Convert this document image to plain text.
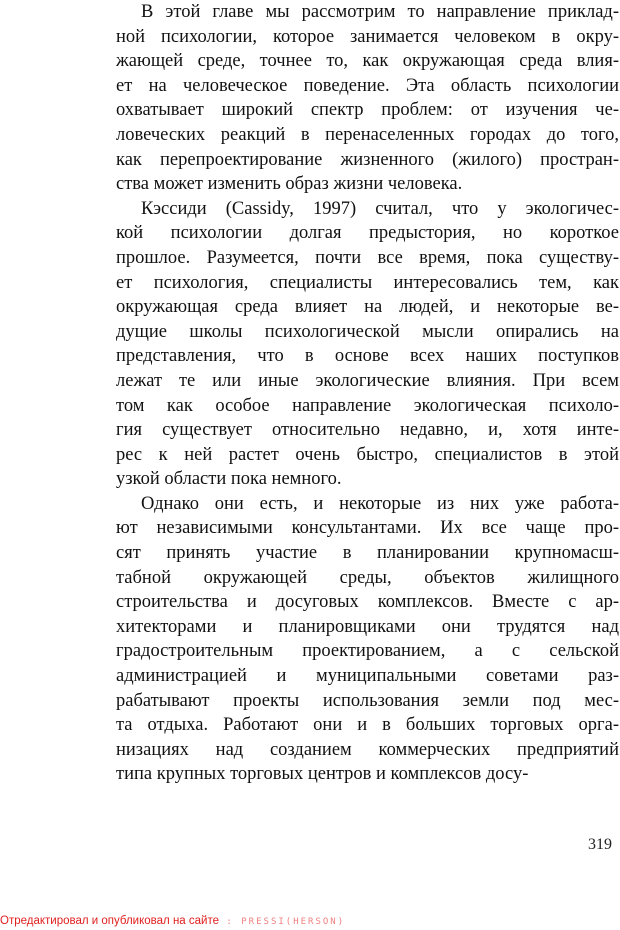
В этой главе мы рассмотрим то направление приклад-
ной психологии, которое занимается человеком в окру-
жающей среде, точнее то, как окружающая среда влия-
ет на человеческое поведение. Эта область психологии
охватывает широкий спектр проблем: от изучения че-
ловеческих реакций в перенаселенных городах до того,
как перепроектирование жизненного (жилого) простран-
ства может изменить образ жизни человека.
Кэссиди (Cassidy, 1997) считал, что у экологичес-
кой психологии долгая предыстория, но короткое
прошлое. Разумеется, почти все время, пока существу-
ет психология, специалисты интересовались тем, как
окружающая среда влияет на людей, и некоторые ве-
дущие школы психологической мысли опирались на
представления, что в основе всех наших поступков
лежат те или иные экологические влияния. При всем
том как особое направление экологическая психоло-
гия существует относительно недавно, и, хотя инте-
рес к ней растет очень быстро, специалистов в этой
узкой области пока немного.
Однако они есть, и некоторые из них уже работа-
ют независимыми консультантами. Их все чаще про-
сят принять участие в планировании крупномасш-
табной окружающей среды, объектов жилищного
строительства и досуговых комплексов. Вместе с ар-
хитекторами и планировщиками они трудятся над
градостроительным проектированием, а с сельской
администрацией и муниципальными советами раз-
рабатывают проекты использования земли под мес-
та отдыха. Работают они и в больших торговых орга-
низациях над созданием коммерческих предприятий
типа крупных торговых центров и комплексов досу-
319
Отредактировал и опубликовал на сайте : PRESSI(HERSON)
